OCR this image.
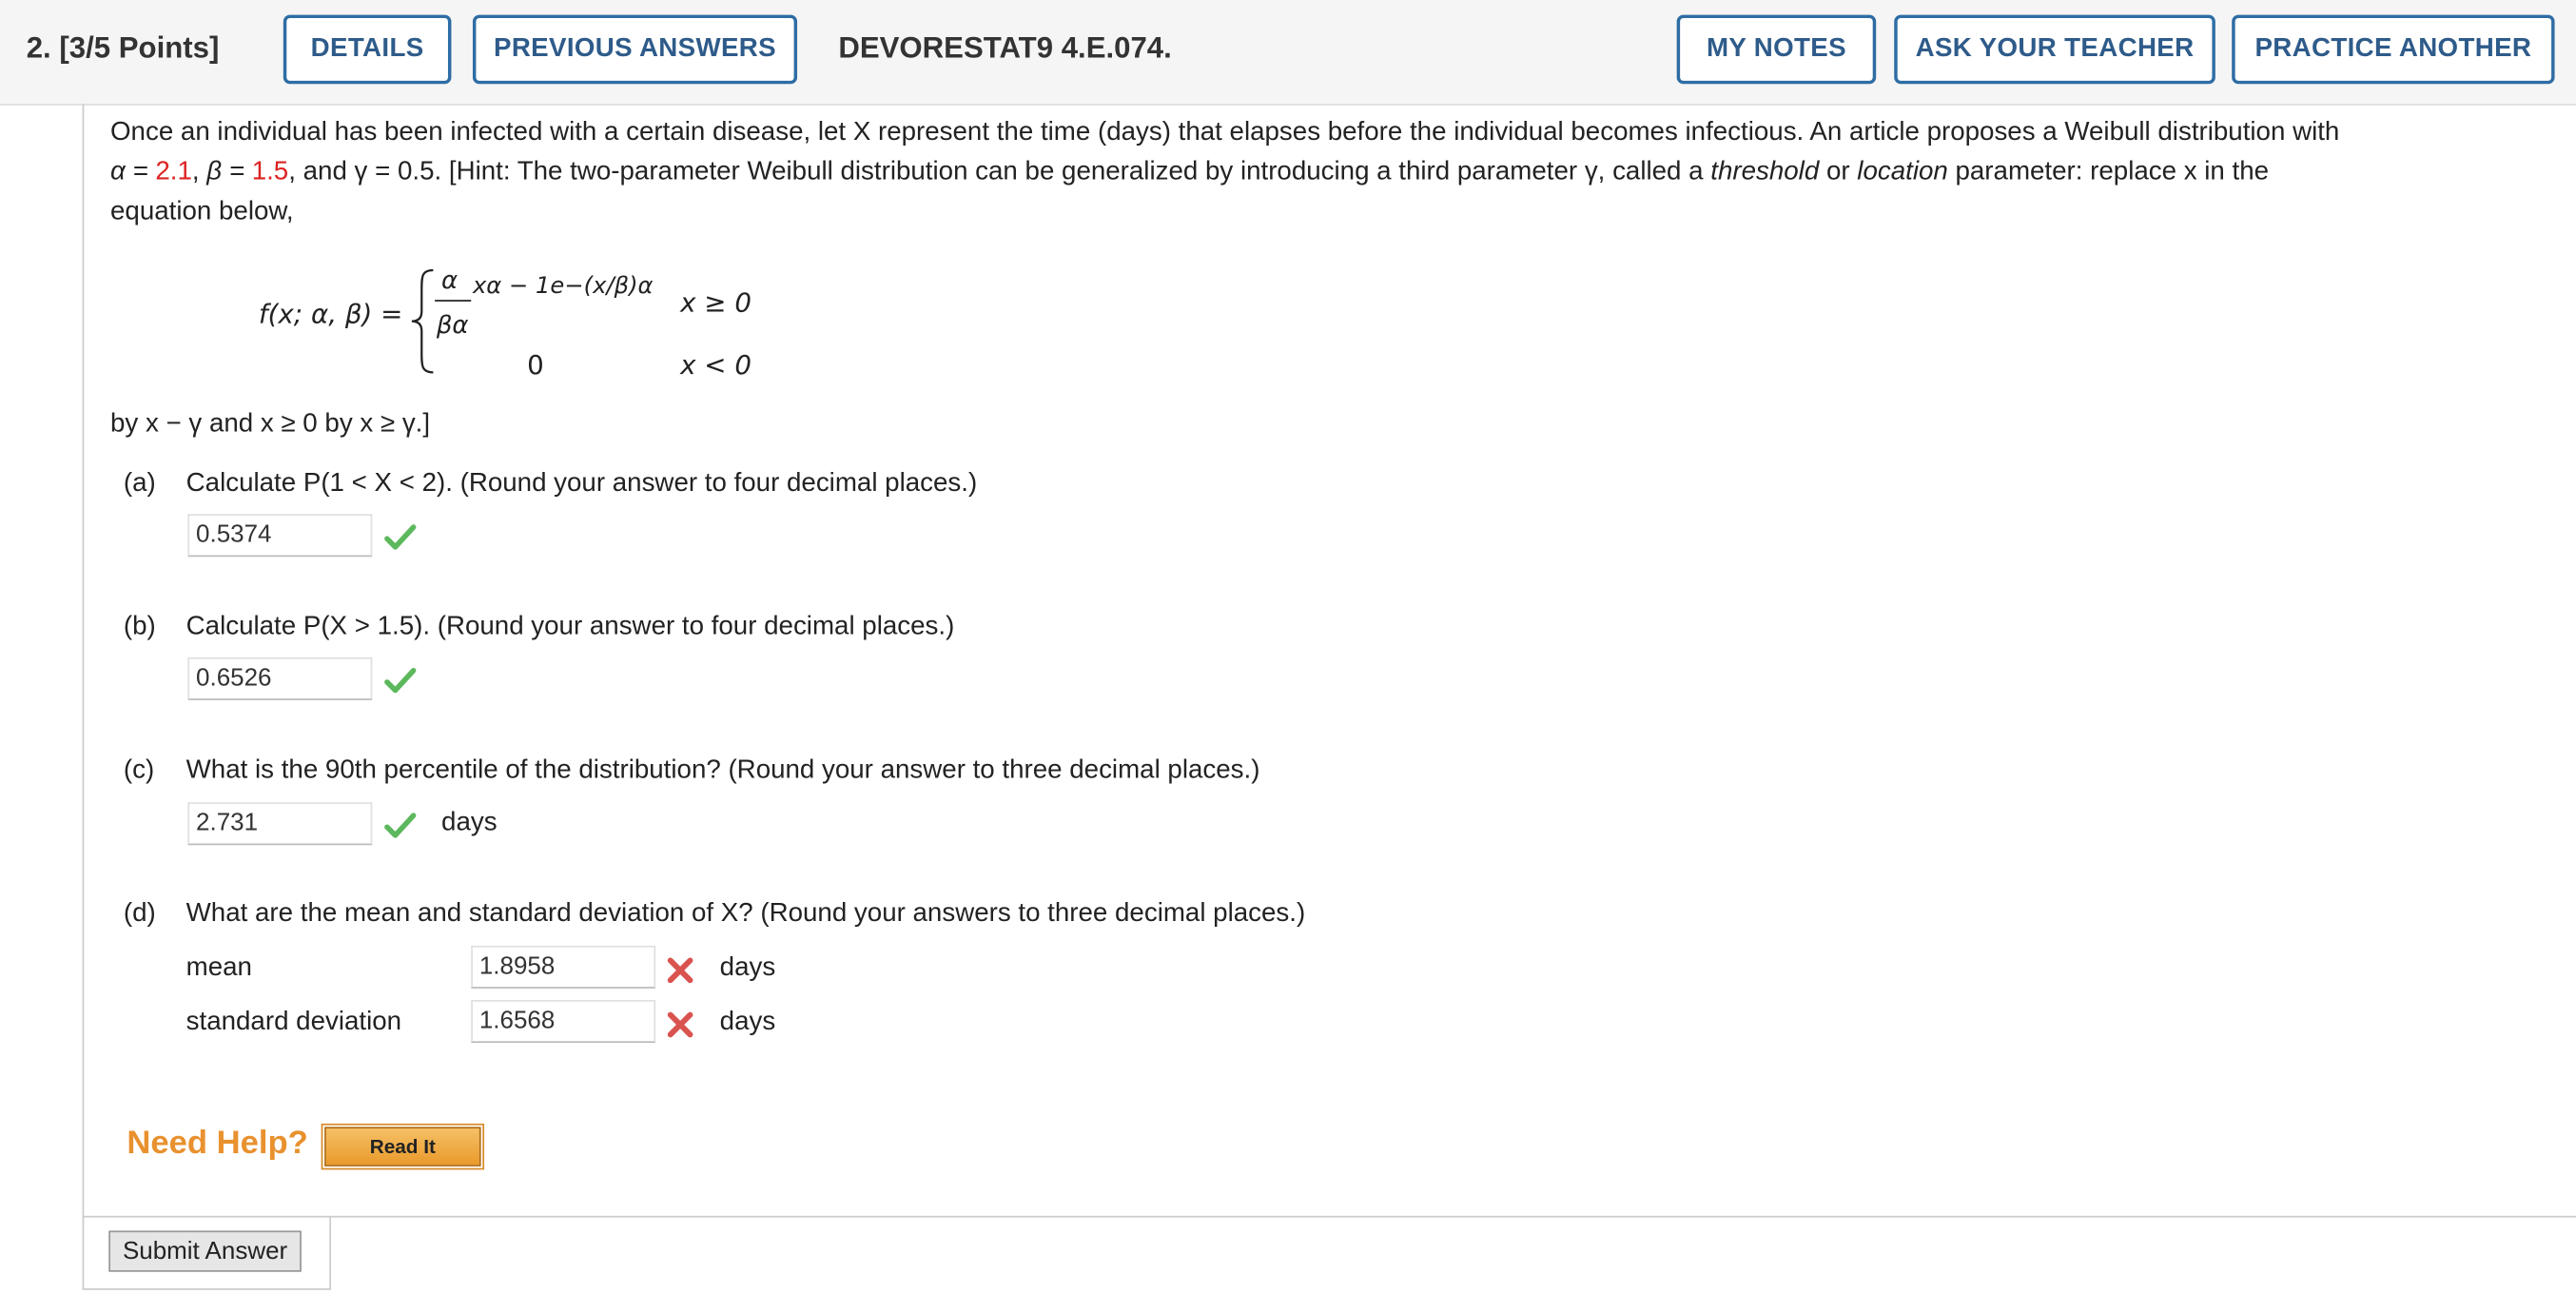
2. [3/5 Points]	DETAILS	PREVIOUS ANSWERS	DEVORESTAT9 4.E.074.	MY NOTES	ASK YOUR TEACHER	PRACTICE ANOTHER
Once an individual has been infected with a certain disease, let X represent the time (days) that elapses before the individual becomes infectious. An article proposes a Weibull distribution with
α = 2.1, β = 1.5, and γ = 0.5. [Hint: The two-parameter Weibull distribution can be generalized by introducing a third parameter γ, called a threshold or location parameter: replace x in the
equation below,
f(x; α, β) =
α
βα
xα − 1e−(x/β)α x ≥ 0
0	x < 0
by x − γ and x ≥ 0 by x ≥ γ.]
(a) Calculate P(1 < X < 2). (Round your answer to four decimal places.)
0.5374
(b) Calculate P(X > 1.5). (Round your answer to four decimal places.)
0.6526
(c) What is the 90th percentile of the distribution? (Round your answer to three decimal places.)
2.731	days
(d) What are the mean and standard deviation of X? (Round your answers to three decimal places.)
mean	1.8958	days
standard deviation	1.6568	days
Need Help?	Read It
Submit Answer
